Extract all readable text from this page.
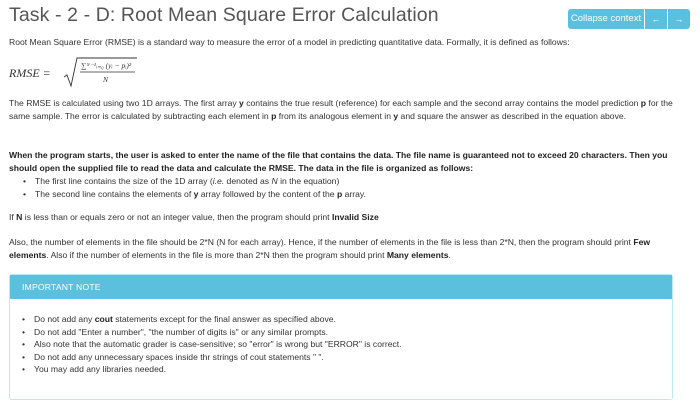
Task - 2 - D: Root Mean Square Error Calculation	Collapse context	←	→
Root Mean Square Error (RMSE) is a standard way to measure the error of a model in predicting quantitative data. Formally, it is defined as follows:
RMSE =
∑ᴺ⁻¹ᵢ₌₀ (yᵢ − pᵢ)²
N
The RMSE is calculated using two 1D arrays. The first array y contains the true result (reference) for each sample and the second array contains the model prediction p for the same sample. The error is calculated by subtracting each element in p from its analogous element in y and square the answer as described in the equation above.
When the program starts, the user is asked to enter the name of the file that contains the data. The file name is guaranteed not to exceed 20 characters. Then you should open the supplied file to read the data and calculate the RMSE. The data in the file is organized as follows:
• The first line contains the size of the 1D array (i.e. denoted as N in the equation)
• The second line contains the elements of y array followed by the content of the p array.
If N is less than or equals zero or not an integer value, then the program should print Invalid Size
Also, the number of elements in the file should be 2*N (N for each array). Hence, if the number of elements in the file is less than 2*N, then the program should print Few elements. Also if the number of elements in the file is more than 2*N then the program should print Many elements.
IMPORTANT NOTE
• Do not add any cout statements except for the final answer as specified above.
• Do not add "Enter a number", "the number of digits is" or any similar prompts.
• Also note that the automatic grader is case-sensitive; so "error" is wrong but "ERROR" is correct.
• Do not add any unnecessary spaces inside thr strings of cout statements " ".
• You may add any libraries needed.
